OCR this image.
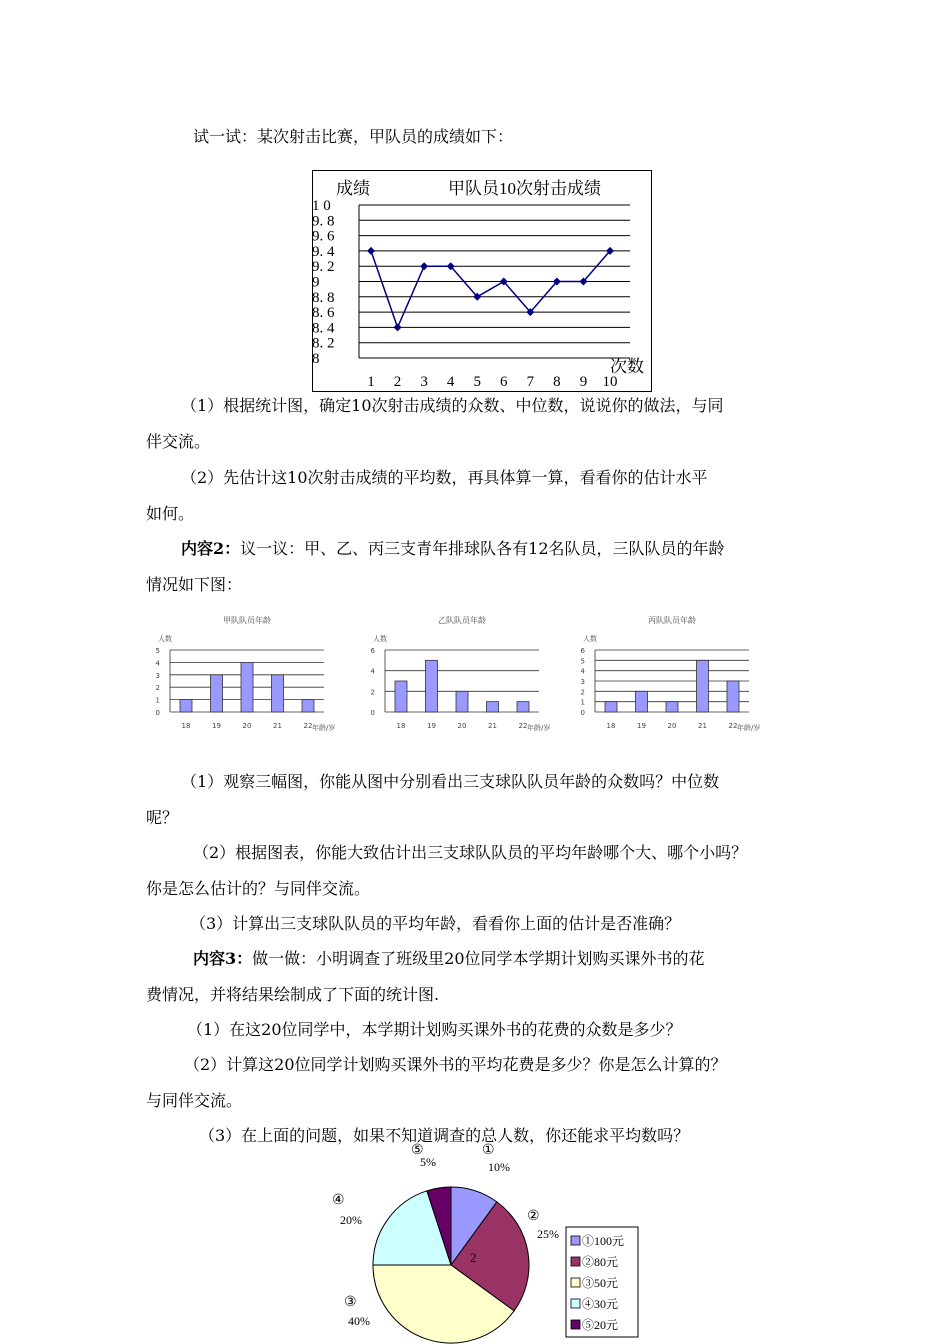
试一试：某次射击比赛，甲队员的成绩如下：
成绩	甲队员10次射击成绩
1 0
9. 8
9. 6
9. 4
9. 2
9
8. 8
8. 6
8. 4
8. 2
8
1 2 3 4 5 6 7 8 9 10
次数
（1）根据统计图，确定10次射击成绩的众数、中位数，说说你的做法，与同
伴交流。
（2）先估计这10次射击成绩的平均数，再具体算一算，看看你的估计水平
如何。
内容2：议一议：甲、乙、丙三支青年排球队各有12名队员，三队队员的年龄
情况如下图：
甲队队员年龄
人数
5
4
3
2
1
0
18	19	20	21	22 年龄/岁
乙队队员年龄
人数
6
4
2
0
18	19	20	21	22 年龄/岁
丙队队员年龄
人数
6
5
4
3
2
1
0
18	19	20	21	22 年龄/岁
（1）观察三幅图，你能从图中分别看出三支球队队员年龄的众数吗？中位数
呢？
（2）根据图表，你能大致估计出三支球队队员的平均年龄哪个大、哪个小吗？
你是怎么估计的？与同伴交流。
（3）计算出三支球队队员的平均年龄，看看你上面的估计是否准确？
内容3：做一做：小明调查了班级里20位同学本学期计划购买课外书的花
费情况，并将结果绘制成了下面的统计图.
（1）在这20位同学中，本学期计划购买课外书的花费的众数是多少？
（2）计算这20位同学计划购买课外书的平均花费是多少？你是怎么计算的？
与同伴交流。
（3）在上面的问题，如果不知道调查的总人数，你还能求平均数吗？
⑤
5%
①
10%
②
25%
④
20%
③
40%
2
①100元
②80元
③50元
④30元
⑤20元
